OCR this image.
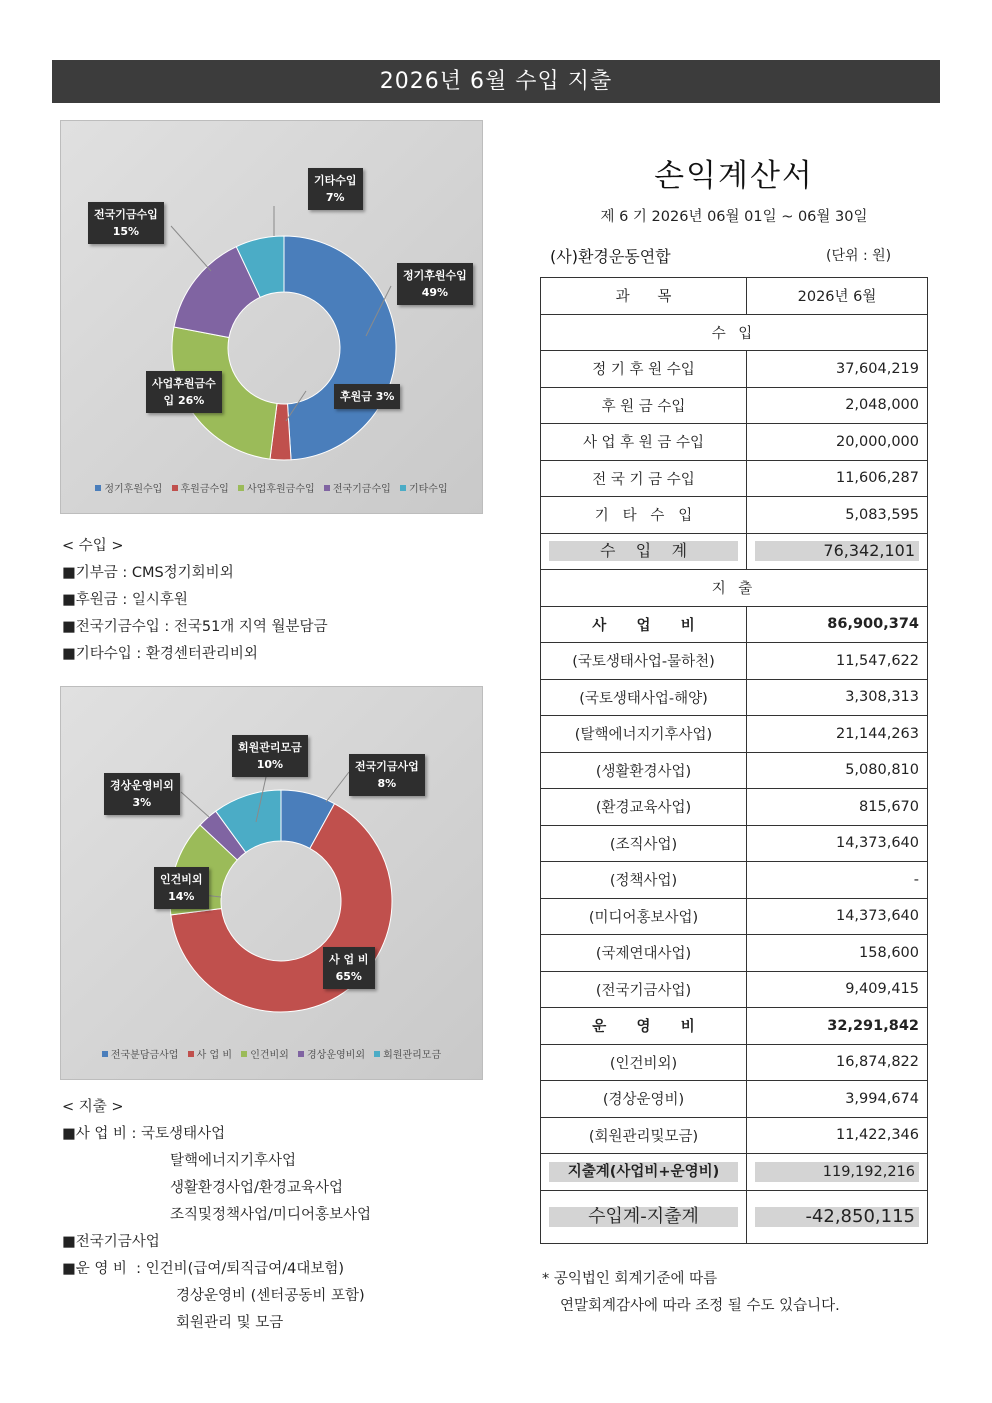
2026년 6월 수입 지출
기타수입
7%
전국기금수입
15%
정기후원수입
49%
사업후원금수
입 26%	후원금 3%
정기후원수입 후원금수입 사업후원금수입 전국기금수입 기타수입
< 수입 >
■기부금 : CMS정기회비외
■후원금 : 일시후원
■전국기금수입 : 전국51개 지역 월분담금
■기타수입 : 환경센터관리비외
회원관리모금
10%	전국기금사업
8%
경상운영비외
3%
인건비외
14%
사 업 비
65%
전국분담금사업 사 업 비 인건비외 경상운영비외 회원관리모금
< 지출 >
■사 업 비 : 국토생태사업
탈핵에너지기후사업
생활환경사업/환경교육사업
조직및정책사업/미디어홍보사업
■전국기금사업
■운 영 비  : 인건비(급여/퇴직급여/4대보험)
경상운영비 (센터공동비 포함)
회원관리 및 모금
손익계산서
제 6 기 2026년 06월 01일 ~ 06월 30일
(사)환경운동연합	(단위 : 원)
과      목	2026년 6월
수 입	
정 기 후 원 수입	37,604,219
후 원 금 수입	2,048,000
사 업 후 원 금 수입	20,000,000
전 국 기 금 수입	11,606,287
기   타   수   입	5,083,595

수    입    계	76,342,101

지 출	
사      업      비	86,900,374
(국토생태사업-물하천)	11,547,622
(국토생태사업-해양)	3,308,313
(탈핵에너지기후사업)	21,144,263
(생활환경사업)	5,080,810
(환경교육사업)	815,670
(조직사업)	14,373,640
(정책사업)	-
(미디어홍보사업)	14,373,640
(국제연대사업)	158,600
(전국기금사업)	9,409,415
운      영      비	32,291,842
(인건비외)	16,874,822
(경상운영비)	3,994,674
(회원관리및모금)	11,422,346

지출계(사업비+운영비)	119,192,216

수입계-지출계	-42,850,115
* 공익법인 회계기준에 따름
연말회계감사에 따라 조정 될 수도 있습니다.
